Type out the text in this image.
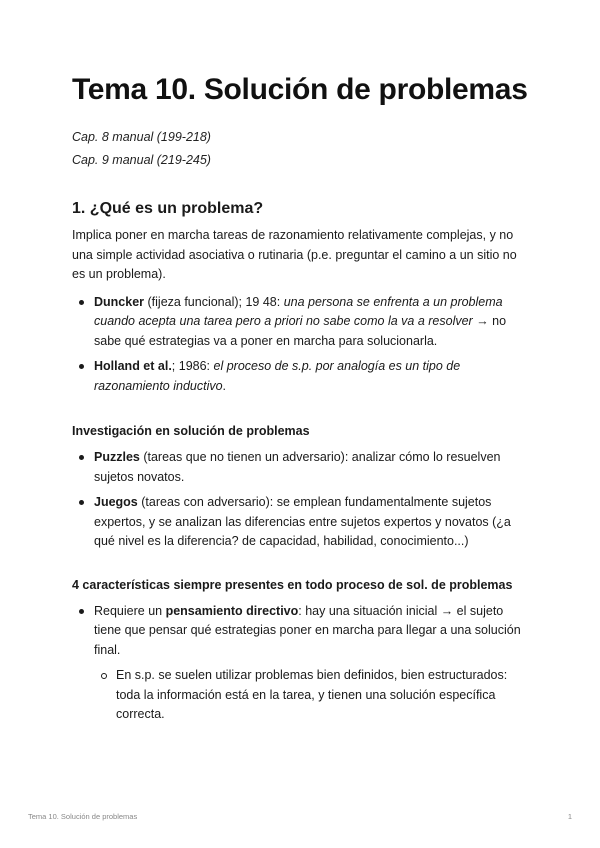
Tema 10. Solución de problemas
Cap. 8 manual (199-218)
Cap. 9 manual (219-245)
1. ¿Qué es un problema?

Implica poner en marcha tareas de razonamiento relativamente complejas, y no una simple actividad asociativa o rutinaria (p.e. preguntar el camino a un sitio no es un problema).

Duncker (fijeza funcional); 19 48: una persona se enfrenta a un problema cuando acepta una tarea pero a priori no sabe como la va a resolver → no sabe qué estrategias va a poner en marcha para solucionarla.
Holland et al.; 1986: el proceso de s.p. por analogía es un tipo de razonamiento inductivo.
Investigación en solución de problemas
Puzzles (tareas que no tienen un adversario): analizar cómo lo resuelven sujetos novatos.
Juegos (tareas con adversario): se emplean fundamentalmente sujetos expertos, y se analizan las diferencias entre sujetos expertos y novatos (¿a qué nivel es la diferencia? de capacidad, habilidad, conocimiento...)
4 características siempre presentes en todo proceso de sol. de problemas
Requiere un pensamiento directivo: hay una situación inicial → el sujeto tiene que pensar qué estrategias poner en marcha para llegar a una solución final.
En s.p. se suelen utilizar problemas bien definidos, bien estructurados: toda la información está en la tarea, y tienen una solución específica correcta.
Tema 10. Solución de problemas	1
